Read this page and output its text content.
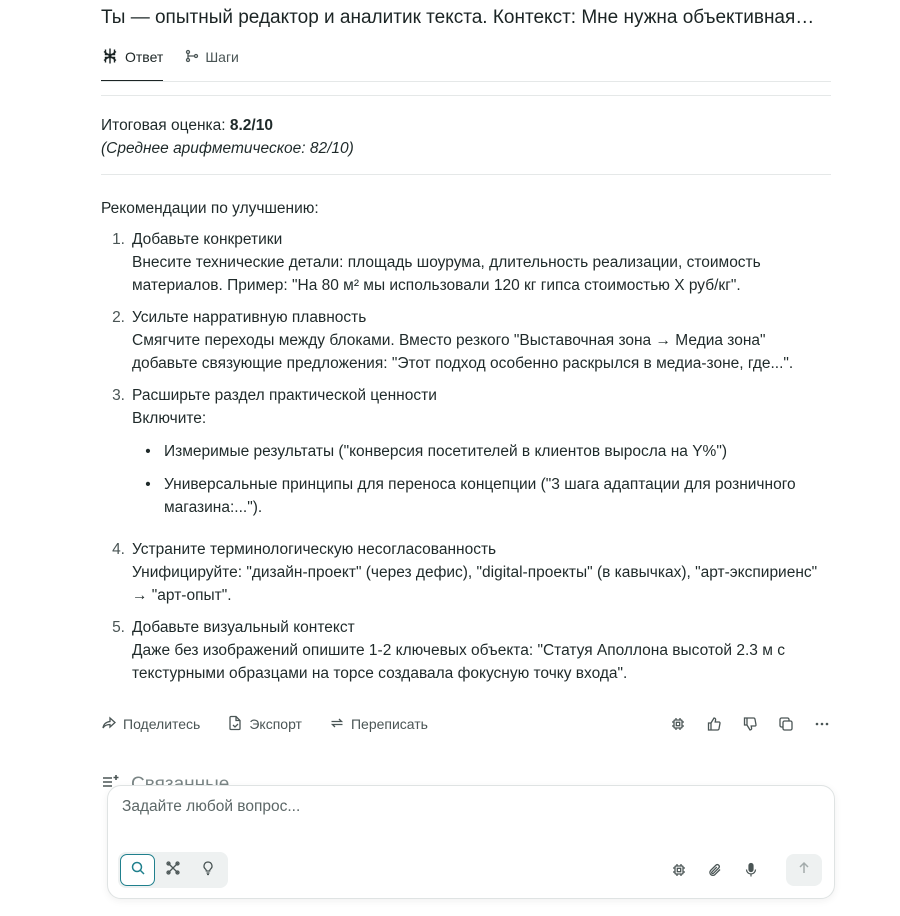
Ты — опытный редактор и аналитик текста. Контекст: Мне нужна объективная…
Ответ	Шаги
Итоговая оценка: 8.2/10
(Среднее арифметическое: 82/10)
Рекомендации по улучшению:
1. Добавьте конкретики
Внесите технические детали: площадь шоурума, длительность реализации, стоимость материалов. Пример: "На 80 м² мы использовали 120 кг гипса стоимостью X руб/кг".
2. Усильте нарративную плавность
Смягчите переходы между блоками. Вместо резкого "Выставочная зона → Медиа зона" добавьте связующие предложения: "Этот подход особенно раскрылся в медиа-зоне, где...".
3. Расширьте раздел практической ценности
Включите:
• Измеримые результаты ("конверсия посетителей в клиентов выросла на Y%")
• Универсальные принципы для переноса концепции ("3 шага адаптации для розничного магазина:...").
4. Устраните терминологическую несогласованность
Унифицируйте: "дизайн-проект" (через дефис), "digital-проекты" (в кавычках), "арт-экспириенс" → "арт-опыт".
5. Добавьте визуальный контекст
Даже без изображений опишите 1-2 ключевых объекта: "Статуя Аполлона высотой 2.3 м с текстурными образцами на торсе создавала фокусную точку входа".
Поделитесь	Экспорт	Переписать
Задайте любой вопрос...
